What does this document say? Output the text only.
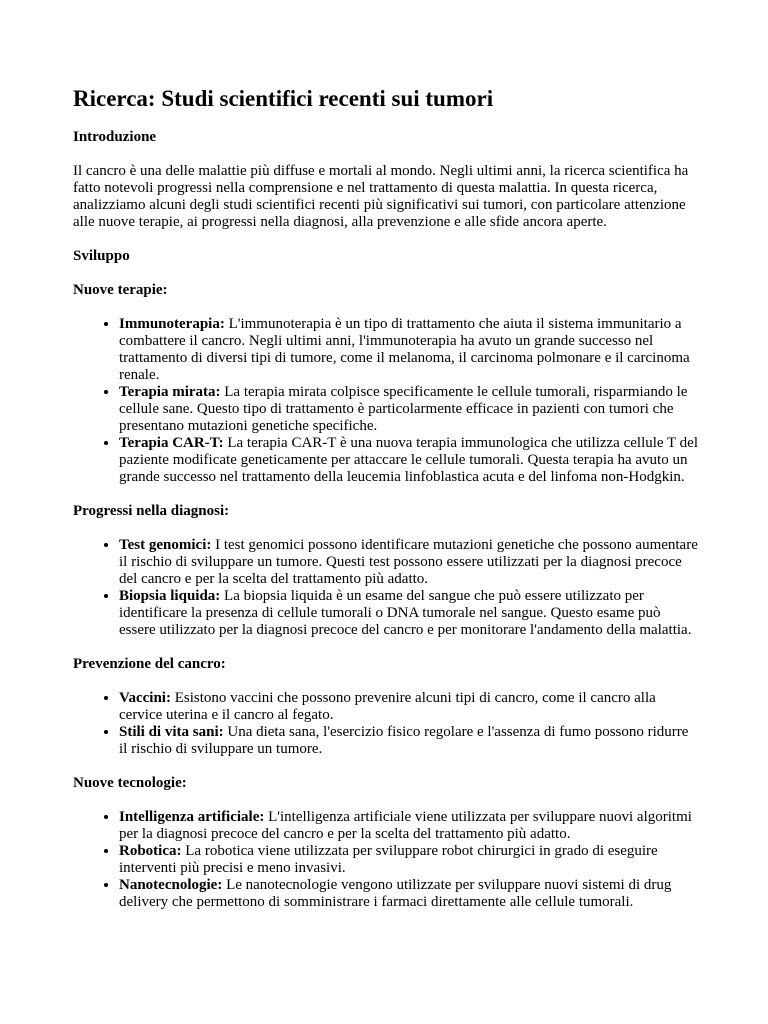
Ricerca: Studi scientifici recenti sui tumori
Introduzione

Il cancro è una delle malattie più diffuse e mortali al mondo. Negli ultimi anni, la ricerca scientifica ha fatto notevoli progressi nella comprensione e nel trattamento di questa malattia. In questa ricerca, analizziamo alcuni degli studi scientifici recenti più significativi sui tumori, con particolare attenzione alle nuove terapie, ai progressi nella diagnosi, alla prevenzione e alle sfide ancora aperte.

Sviluppo
Nuove terapie:
• Immunoterapia: L'immunoterapia è un tipo di trattamento che aiuta il sistema immunitario a combattere il cancro. Negli ultimi anni, l'immunoterapia ha avuto un grande successo nel trattamento di diversi tipi di tumore, come il melanoma, il carcinoma polmonare e il carcinoma renale.
• Terapia mirata: La terapia mirata colpisce specificamente le cellule tumorali, risparmiando le cellule sane. Questo tipo di trattamento è particolarmente efficace in pazienti con tumori che presentano mutazioni genetiche specifiche.
• Terapia CAR-T: La terapia CAR-T è una nuova terapia immunologica che utilizza cellule T del paziente modificate geneticamente per attaccare le cellule tumorali. Questa terapia ha avuto un grande successo nel trattamento della leucemia linfoblastica acuta e del linfoma non-Hodgkin.
Progressi nella diagnosi:
• Test genomici: I test genomici possono identificare mutazioni genetiche che possono aumentare il rischio di sviluppare un tumore. Questi test possono essere utilizzati per la diagnosi precoce del cancro e per la scelta del trattamento più adatto.
• Biopsia liquida: La biopsia liquida è un esame del sangue che può essere utilizzato per identificare la presenza di cellule tumorali o DNA tumorale nel sangue. Questo esame può essere utilizzato per la diagnosi precoce del cancro e per monitorare l'andamento della malattia.
Prevenzione del cancro:
• Vaccini: Esistono vaccini che possono prevenire alcuni tipi di cancro, come il cancro alla cervice uterina e il cancro al fegato.
• Stili di vita sani: Una dieta sana, l'esercizio fisico regolare e l'assenza di fumo possono ridurre il rischio di sviluppare un tumore.
Nuove tecnologie:
• Intelligenza artificiale: L'intelligenza artificiale viene utilizzata per sviluppare nuovi algoritmi per la diagnosi precoce del cancro e per la scelta del trattamento più adatto.
• Robotica: La robotica viene utilizzata per sviluppare robot chirurgici in grado di eseguire interventi più precisi e meno invasivi.
• Nanotecnologie: Le nanotecnologie vengono utilizzate per sviluppare nuovi sistemi di drug delivery che permettono di somministrare i farmaci direttamente alle cellule tumorali.
